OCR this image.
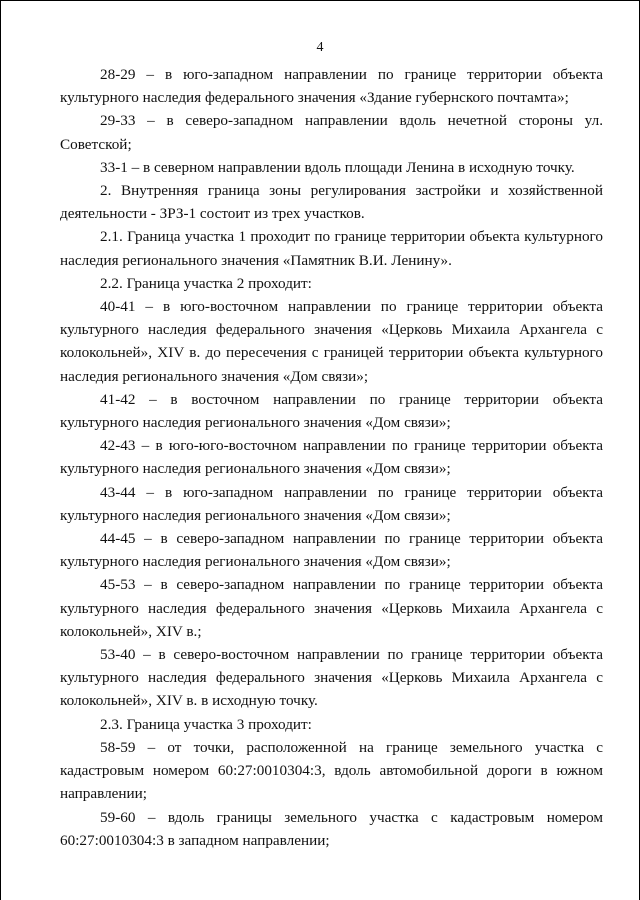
4

28-29 – в юго-западном направлении по границе территории объекта культурного наследия федерального значения «Здание губернского почтамта»;

29-33 – в северо-западном направлении вдоль нечетной стороны ул. Советской;

33-1 – в северном направлении вдоль площади Ленина в исходную точку.

2. Внутренняя граница зоны регулирования застройки и хозяйственной деятельности - ЗРЗ-1 состоит из трех участков.

2.1. Граница участка 1 проходит по границе территории объекта культурного наследия регионального значения «Памятник В.И. Ленину».

2.2. Граница участка 2 проходит:

40-41 – в юго-восточном направлении по границе территории объекта культурного наследия федерального значения «Церковь Михаила Архангела с колокольней», XIV в. до пересечения с границей территории объекта культурного наследия регионального значения «Дом связи»;

41-42 – в восточном направлении по границе территории объекта культурного наследия регионального значения «Дом связи»;

42-43 – в юго-юго-восточном направлении по границе территории объекта культурного наследия регионального значения «Дом связи»;

43-44 – в юго-западном направлении по границе территории объекта культурного наследия регионального значения «Дом связи»;

44-45 – в северо-западном направлении по границе территории объекта культурного наследия регионального значения «Дом связи»;

45-53 – в северо-западном направлении по границе территории объекта культурного наследия федерального значения «Церковь Михаила Архангела с колокольней», XIV в.;

53-40 – в северо-восточном направлении по границе территории объекта культурного наследия федерального значения «Церковь Михаила Архангела с колокольней», XIV в. в исходную точку.

2.3. Граница участка 3 проходит:

58-59 – от точки, расположенной на границе земельного участка с кадастровым номером 60:27:0010304:3, вдоль автомобильной дороги в южном направлении;

59-60 – вдоль границы земельного участка с кадастровым номером 60:27:0010304:3 в западном направлении;
